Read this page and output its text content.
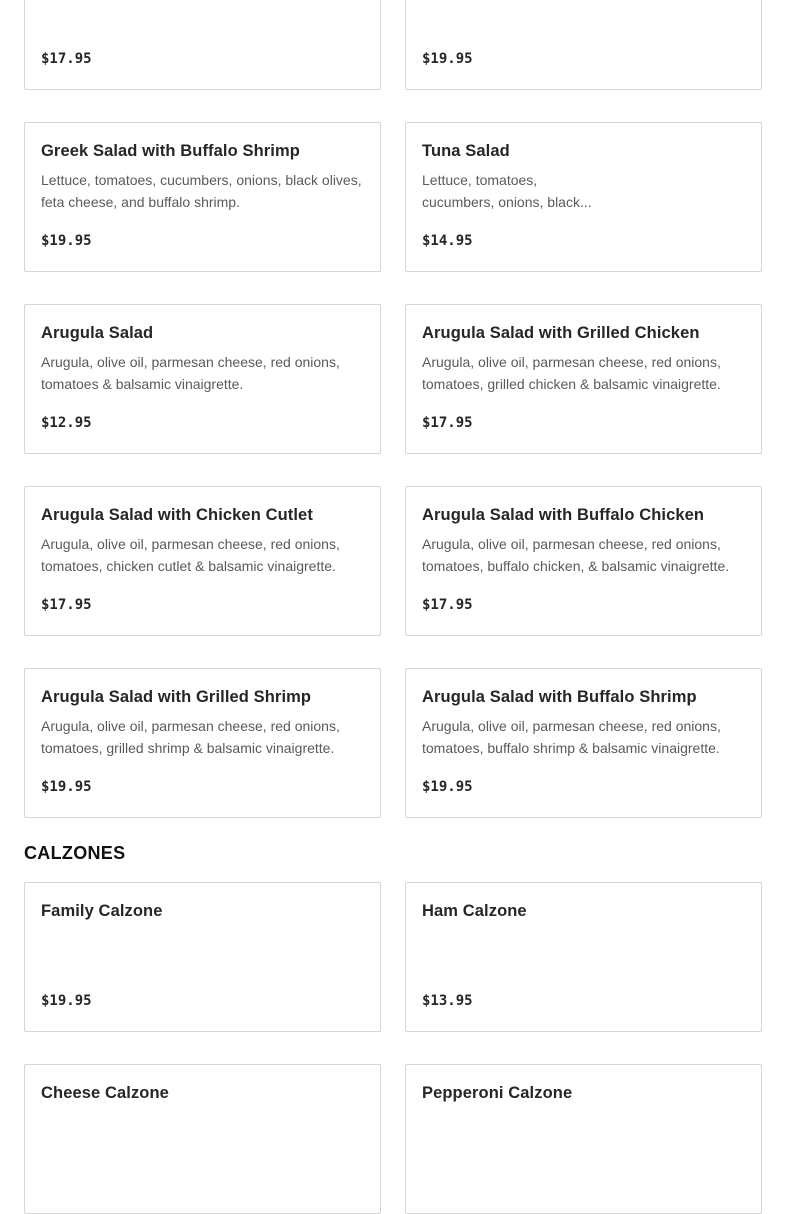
$17.95	$19.95
Greek Salad with Buffalo Shrimp
Lettuce, tomatoes, cucumbers, onions, black olives, feta cheese, and buffalo shrimp.
$19.95
Tuna Salad
Lettuce, tomatoes, cucumbers, onions, black...
$14.95
Arugula Salad
Arugula, olive oil, parmesan cheese, red onions, tomatoes & balsamic vinaigrette.
$12.95
Arugula Salad with Grilled Chicken
Arugula, olive oil, parmesan cheese, red onions, tomatoes, grilled chicken & balsamic vinaigrette.
$17.95
Arugula Salad with Chicken Cutlet
Arugula, olive oil, parmesan cheese, red onions, tomatoes, chicken cutlet & balsamic vinaigrette.
$17.95
Arugula Salad with Buffalo Chicken
Arugula, olive oil, parmesan cheese, red onions, tomatoes, buffalo chicken, & balsamic vinaigrette.
$17.95
Arugula Salad with Grilled Shrimp
Arugula, olive oil, parmesan cheese, red onions, tomatoes, grilled shrimp & balsamic vinaigrette.
$19.95
Arugula Salad with Buffalo Shrimp
Arugula, olive oil, parmesan cheese, red onions, tomatoes, buffalo shrimp & balsamic vinaigrette.
$19.95
CALZONES
Family Calzone
$19.95
Ham Calzone
$13.95
Cheese Calzone	Pepperoni Calzone
